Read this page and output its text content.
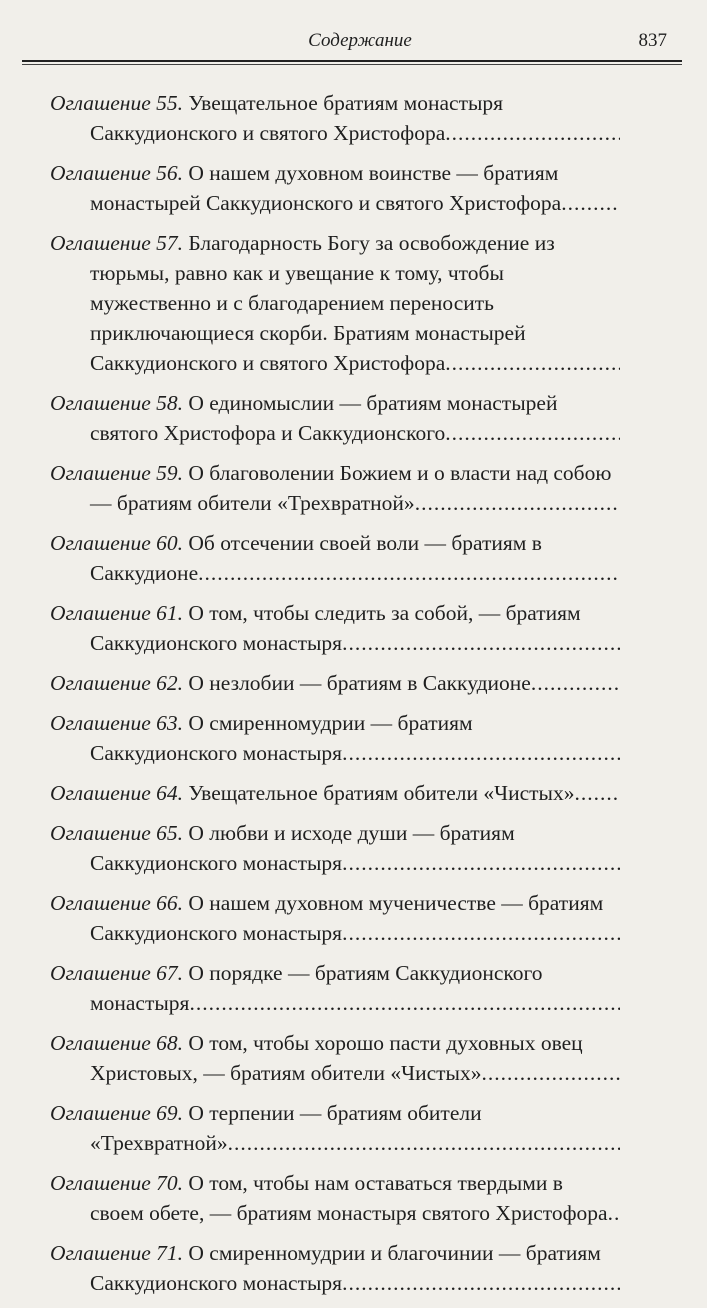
Содержание	837
Оглашение 55. Увещательное братиям монастыря Саккудионского и святого Христофора
Оглашение 56. О нашем духовном воинстве — братиям монастырей Саккудионского и святого Христофора
Оглашение 57. Благодарность Богу за освобождение из тюрьмы, равно как и увещание к тому, чтобы мужественно и с благодарением переносить приключающиеся скорби. Братиям монастырей Саккудионского и святого Христофора
Оглашение 58. О единомыслии — братиям монастырей святого Христофора и Саккудионского
Оглашение 59. О благоволении Божием и о власти над собою — братиям обители «Трехвратной»
Оглашение 60. Об отсечении своей воли — братиям в Саккудионе
Оглашение 61. О том, чтобы следить за собой, — братиям Саккудионского монастыря
Оглашение 62. О незлобии — братиям в Саккудионе
Оглашение 63. О смиренномудрии — братиям Саккудионского монастыря
Оглашение 64. Увещательное братиям обители «Чистых»
Оглашение 65. О любви и исходе души — братиям Саккудионского монастыря
Оглашение 66. О нашем духовном мученичестве — братиям Саккудионского монастыря
Оглашение 67. О порядке — братиям Саккудионского монастыря
Оглашение 68. О том, чтобы хорошо пасти духовных овец Христовых, — братиям обители «Чистых»
Оглашение 69. О терпении — братиям обители «Трехвратной»
Оглашение 70. О том, чтобы нам оставаться твердыми в своем обете, — братиям монастыря святого Христофора
Оглашение 71. О смиренномудрии и благочинии — братиям Саккудионского монастыря
